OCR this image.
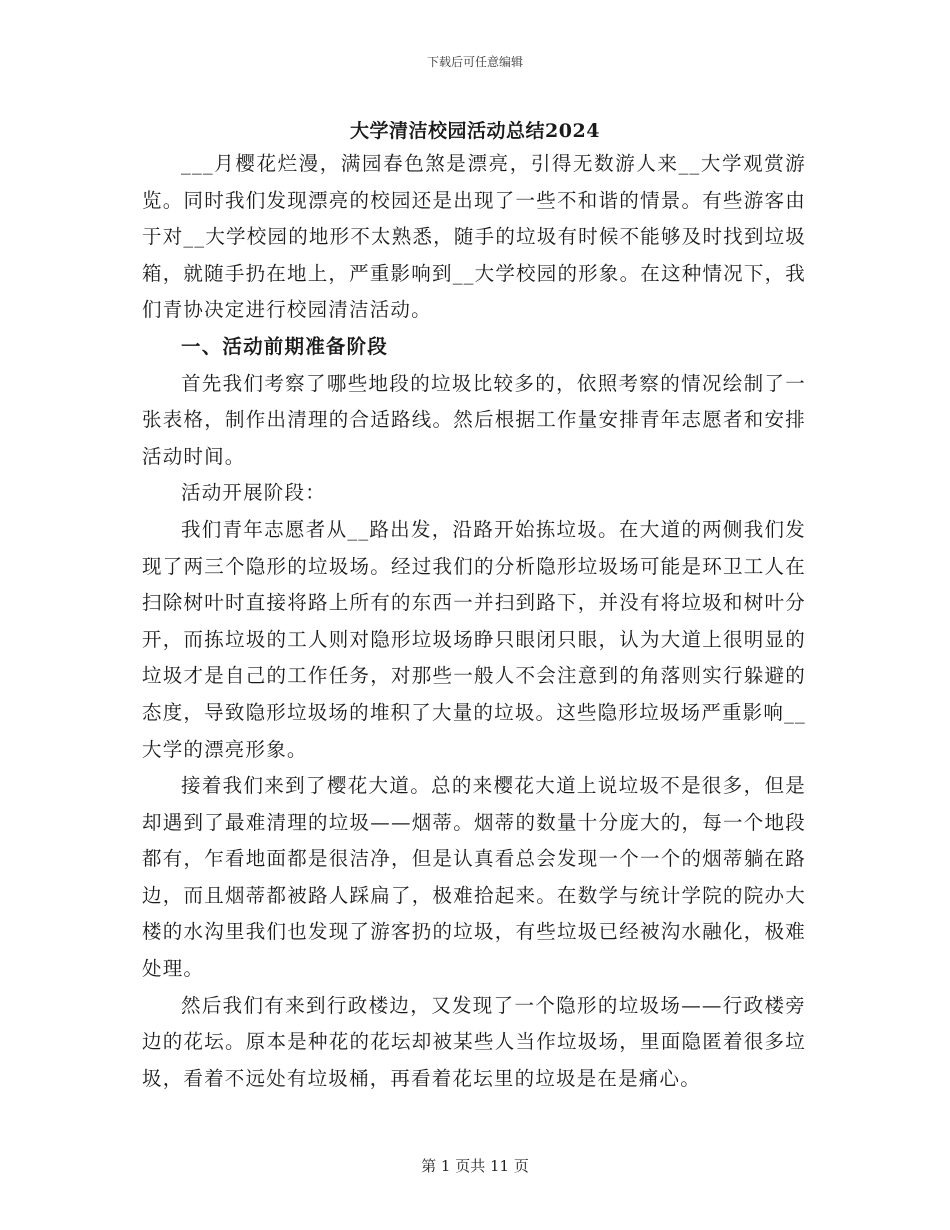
下载后可任意编辑
大学清洁校园活动总结2024

___月樱花烂漫，满园春色煞是漂亮，引得无数游人来__大学观赏游览。同时我们发现漂亮的校园还是出现了一些不和谐的情景。有些游客由于对__大学校园的地形不太熟悉，随手的垃圾有时候不能够及时找到垃圾箱，就随手扔在地上，严重影响到__大学校园的形象。在这种情况下，我们青协决定进行校园清洁活动。

一、活动前期准备阶段

首先我们考察了哪些地段的垃圾比较多的，依照考察的情况绘制了一张表格，制作出清理的合适路线。然后根据工作量安排青年志愿者和安排活动时间。

活动开展阶段：

我们青年志愿者从__路出发，沿路开始拣垃圾。在大道的两侧我们发现了两三个隐形的垃圾场。经过我们的分析隐形垃圾场可能是环卫工人在扫除树叶时直接将路上所有的东西一并扫到路下，并没有将垃圾和树叶分开，而拣垃圾的工人则对隐形垃圾场睁只眼闭只眼，认为大道上很明显的垃圾才是自己的工作任务，对那些一般人不会注意到的角落则实行躲避的态度，导致隐形垃圾场的堆积了大量的垃圾。这些隐形垃圾场严重影响__大学的漂亮形象。

接着我们来到了樱花大道。总的来樱花大道上说垃圾不是很多，但是却遇到了最难清理的垃圾——烟蒂。烟蒂的数量十分庞大的，每一个地段都有，乍看地面都是很洁净，但是认真看总会发现一个一个的烟蒂躺在路边，而且烟蒂都被路人踩扁了，极难拾起来。在数学与统计学院的院办大楼的水沟里我们也发现了游客扔的垃圾，有些垃圾已经被沟水融化，极难处理。

然后我们有来到行政楼边，又发现了一个隐形的垃圾场——行政楼旁边的花坛。原本是种花的花坛却被某些人当作垃圾场，里面隐匿着很多垃圾，看着不远处有垃圾桶，再看着花坛里的垃圾是在是痛心。

第 1 页共 11 页
